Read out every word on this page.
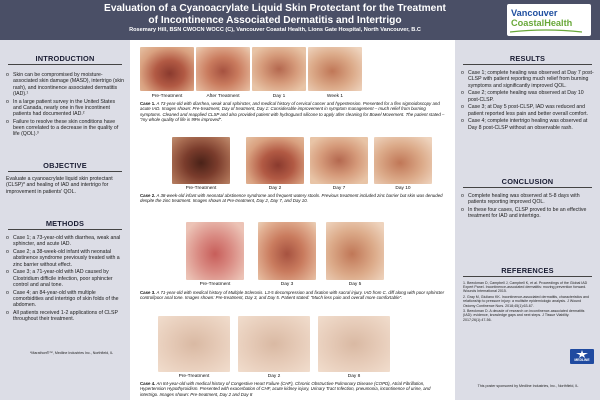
Evaluation of a Cyanoacrylate Liquid Skin Protectant for the Treatment
of Incontinence Associated Dermatitis and Intertrigo
Rosemary Hill, BSN CWOCN WOCC (C), Vancouver Coastal Health, Lions Gate Hospital, North Vancouver, B.C
Vancouver
CoastalHealth
INTRODUCTION
o Skin can be compromised by moisture-associated skin damage (MASD), intertrigo (skin rash), and incontinence associated dermatitis (IAD).¹
o In a large patient survey in the United States and Canada, nearly one in five incontinent patients had documented IAD.²
o Failure to resolve these skin conditions have been correlated to a decrease in the quality of life (QOL).³
OBJECTIVE
Evaluate a cyanoacrylate liquid skin protectant (CLSP)* and healing of IAD and intertrigo for improvement in patients' QOL.
METHODS
o Case 1; a 73-year-old with diarrhea, weak anal sphincter, and acute IAD.
o Case 2; a 38-week-old infant with neonatal abstinence syndrome previously treated with a zinc barrier without effect.
o Case 3; a 71-year-old with IAD caused by Clostridium difficile infection, poor sphincter control and anal tone.
o Case 4; an 84-year-old with multiple comorbidities and intertrigo of skin folds of the abdomen.
o All patients received 1-2 applications of CLSP throughout their treatment.
*Marathon®™, Medline Industries Inc., Northfield, IL
Pre-Treatment	After Treatment	Day 1	Week 1
Case 1. A 73-year-old with diarrhea, weak anal sphincter, and medical history of cervical cancer and hypertension. Presented for a flex sigmoidoscopy and acute IAD. Images shown: Pre-treatment, Day of treatment, Day 1: Considerable improvement in symptom management – much relief from burning symptoms. Cleaned and reapplied CLSP and also provided patient with hydroguard silicone to apply after cleaning for Bowel Movement. The patient stated – "my whole quality of life is 99% improved".
Pre-Treatment	Day 2	Day 7	Day 10
Case 2. A 38-week-old infant with neonatal abstinence syndrome and frequent watery stools. Previous treatment included zinc barrier but skin was denuded despite the zinc treatment. Images shown at Pre-treatment, Day 2, Day 7, and Day 10.
Pre-Treatment	Day 3	Day 5
Case 3. A 71-year-old with medical history of Multiple Sclerosis. L3-5 decompression and fixation with sacral injury. IAD from C. diff along with poor sphincter control/poor anal tone. Images shown: Pre-treatment, Day 3, and Day 5. Patient stated: "Much less pain and overall more comfortable".
Pre-Treatment	Day 2	Day 8
Case 4. An 84-year-old with medical history of Congestive Heart Failure (CHF), Chronic Obstructive Pulmonary Disease (COPD), Atrial Fibrillation, Hypertension Hypothyroidism. Presented with exacerbation of CHF, acute kidney injury, Urinary Tract Infection, pneumonia, incontinence of urine, and intertrigo. Images shown: Pre-treatment, Day 2 and Day 8
RESULTS
o Case 1; complete healing was observed at Day 7 post-CLSP with patient reporting much relief from burning symptoms and significantly improved QOL.
o Case 2; complete healing was observed at Day 10 post-CLSP.
o Case 3; at Day 5 post-CLSP, IAD was reduced and patient reported less pain and better overall comfort.
o Case 4; complete intertrigo healing was observed at Day 8 post-CLSP without an observable rash.
CONCLUSION
o Complete healing was observed at 5-8 days with patients reporting improved QOL.
o In these four cases, CLSP proved to be an effective treatment for IAD and intertrigo.
REFERENCES
1. Beeckman D, Campbell J, Campbell K, et al. Proceedings of the Global IAD Expert Panel. Incontinence-associated dermatitis: moving prevention forward. Wounds International 2015.
2. Gray M, Giuliano KK. Incontinence-associated dermatitis, characteristics and relationship to pressure injury: a multisite epidemiologic analysis. J Wound Ostomy Continence Nurs. 2018;45(1):63-67.
3. Beeckman D. A decade of research on incontinence-associated dermatitis (IAD): evidence, knowledge gaps and next steps. J Tissue Viability. 2017;26(1):47-56.
This poster sponsored by Medline Industries, Inc., Northfield, IL
MEDLINE
